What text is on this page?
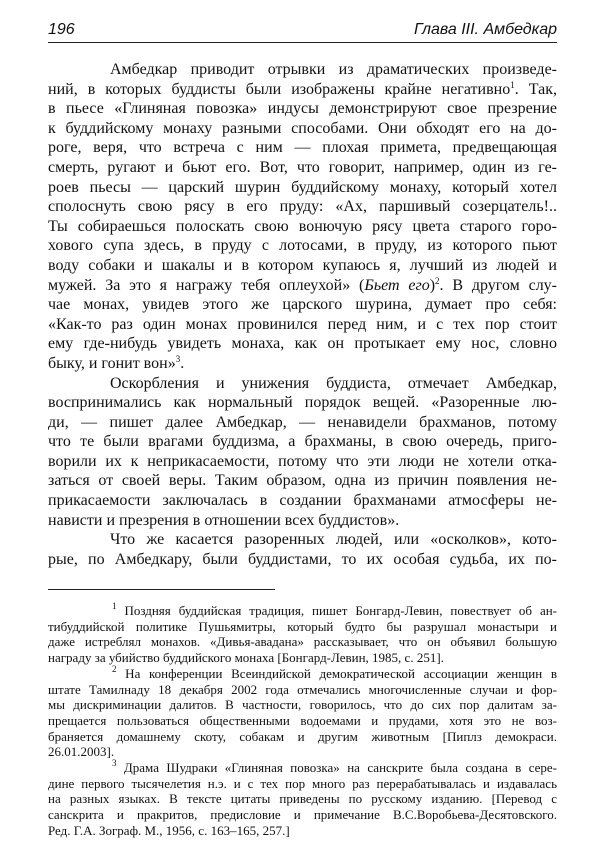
196	Глава III. Амбедкар
Амбедкар приводит отрывки из драматических произведе-
ний, в которых буддисты были изображены крайне негативно$^1$. Так,
в пьесе «Глиняная повозка» индусы демонстрируют свое презрение
к буддийскому монаху разными способами. Они обходят его на до-
роге, веря, что встреча с ним — плохая примета, предвещающая
смерть, ругают и бьют его. Вот, что говорит, например, один из ге-
роев пьесы — царский шурин буддийскому монаху, который хотел
сполоснуть свою рясу в его пруду: «Ах, паршивый созерцатель!..
Ты собираешься полоскать свою вонючую рясу цвета старого горо-
хового супа здесь, в пруду с лотосами, в пруду, из которого пьют
воду собаки и шакалы и в котором купаюсь я, лучший из людей и
мужей. За это я награжу тебя оплеухой» (Бьет его)$^2$. В другом слу-
чае монах, увидев этого же царского шурина, думает про себя:
«Как-то раз один монах провинился перед ним, и с тех пор стоит
ему где-нибудь увидеть монаха, как он протыкает ему нос, словно
быку, и гонит вон»$^3$.
Оскорбления и унижения буддиста, отмечает Амбедкар,
воспринимались как нормальный порядок вещей. «Разоренные лю-
ди, — пишет далее Амбедкар, — ненавидели брахманов, потому
что те были врагами буддизма, а брахманы, в свою очередь, приго-
ворили их к неприкасаемости, потому что эти люди не хотели отка-
заться от своей веры. Таким образом, одна из причин появления не-
прикасаемости заключалась в создании брахманами атмосферы не-
нависти и презрения в отношении всех буддистов».
Что же касается разоренных людей, или «осколков», кото-
рые, по Амбедкару, были буддистами, то их особая судьба, их по-
$^1$ Поздняя буддийская традиция, пишет Бонгард-Левин, повествует об ан-
тибуддийской политике Пушьямитры, который будто бы разрушал монастыри и
даже истреблял монахов. «Дивья-авадана» рассказывает, что он объявил большую
награду за убийство буддийского монаха [Бонгард-Левин, 1985, с. 251].
$^2$ На конференции Всеиндийской демократической ассоциации женщин в
штате Тамилнаду 18 декабря 2002 года отмечались многочисленные случаи и фор-
мы дискриминации далитов. В частности, говорилось, что до сих пор далитам за-
прещается пользоваться общественными водоемами и прудами, хотя это не воз-
браняется домашнему скоту, собакам и другим животным [Пиплз демокраси.
26.01.2003].
$^3$ Драма Шудраки «Глиняная повозка» на санскрите была создана в сере-
дине первого тысячелетия н.э. и с тех пор много раз перерабатывалась и издавалась
на разных языках. В тексте цитаты приведены по русскому изданию. [Перевод с
санскрита и пракритов, предисловие и примечание В.С.Воробьева-Десятовского.
Ред. Г.А. Зограф. М., 1956, с. 163–165, 257.]
